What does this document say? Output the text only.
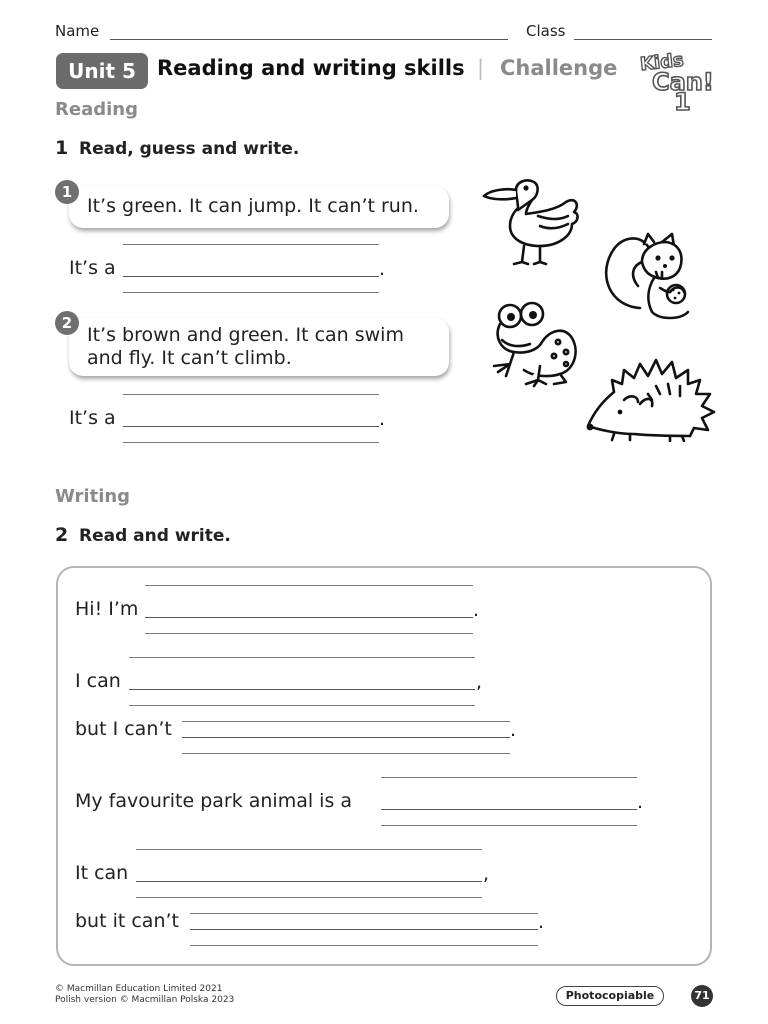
Name	Class
Unit 5	Reading and writing skills | Challenge Kids
Can!
1
Reading
1 Read, guess and write.
It’s green. It can jump. It can’t run.
1
It’s a	.
It’s brown and green. It can swim
and fly. It can’t climb.
2
It’s a	.
Writing
2 Read and write.
Hi! I’m	.
I can	,
but I can’t	.
My favourite park animal is a	.
It can	,
but it can’t	.
© Macmillan Education Limited 2021
Polish version © Macmillan Polska 2023	Photocopiable	71
